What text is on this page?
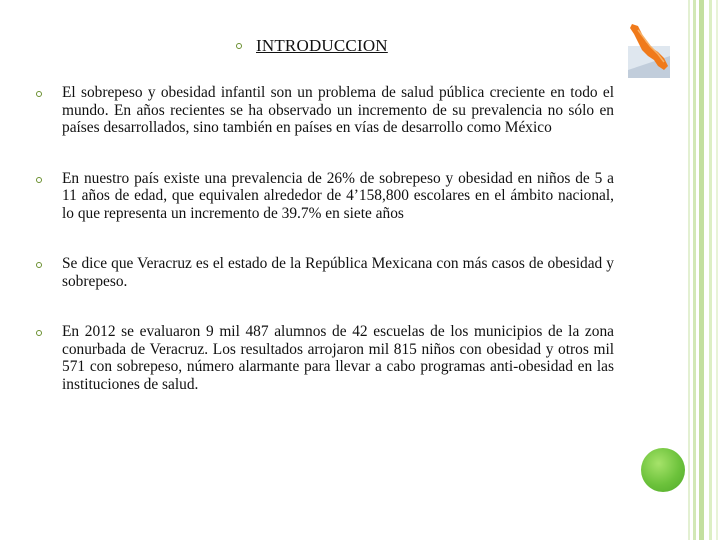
INTRODUCCION
El sobrepeso y obesidad infantil son un problema de salud pública creciente en todo el mundo. En años recientes se ha observado un incremento de su prevalencia no sólo en países desarrollados, sino también en países en vías de desarrollo como México
En nuestro país existe una prevalencia de 26% de sobrepeso y obesidad en niños de 5 a 11 años de edad, que equivalen alrededor de 4’158,800 escolares en el ámbito nacional, lo que representa un incremento de 39.7% en siete años
Se dice que Veracruz es el estado de la República Mexicana con más casos de obesidad y sobrepeso.
En 2012 se evaluaron 9 mil 487 alumnos de 42 escuelas de los municipios de la zona conurbada de Veracruz. Los resultados arrojaron mil 815 niños con obesidad y otros mil 571 con sobrepeso, número alarmante para llevar a cabo programas anti-obesidad en las instituciones de salud.
